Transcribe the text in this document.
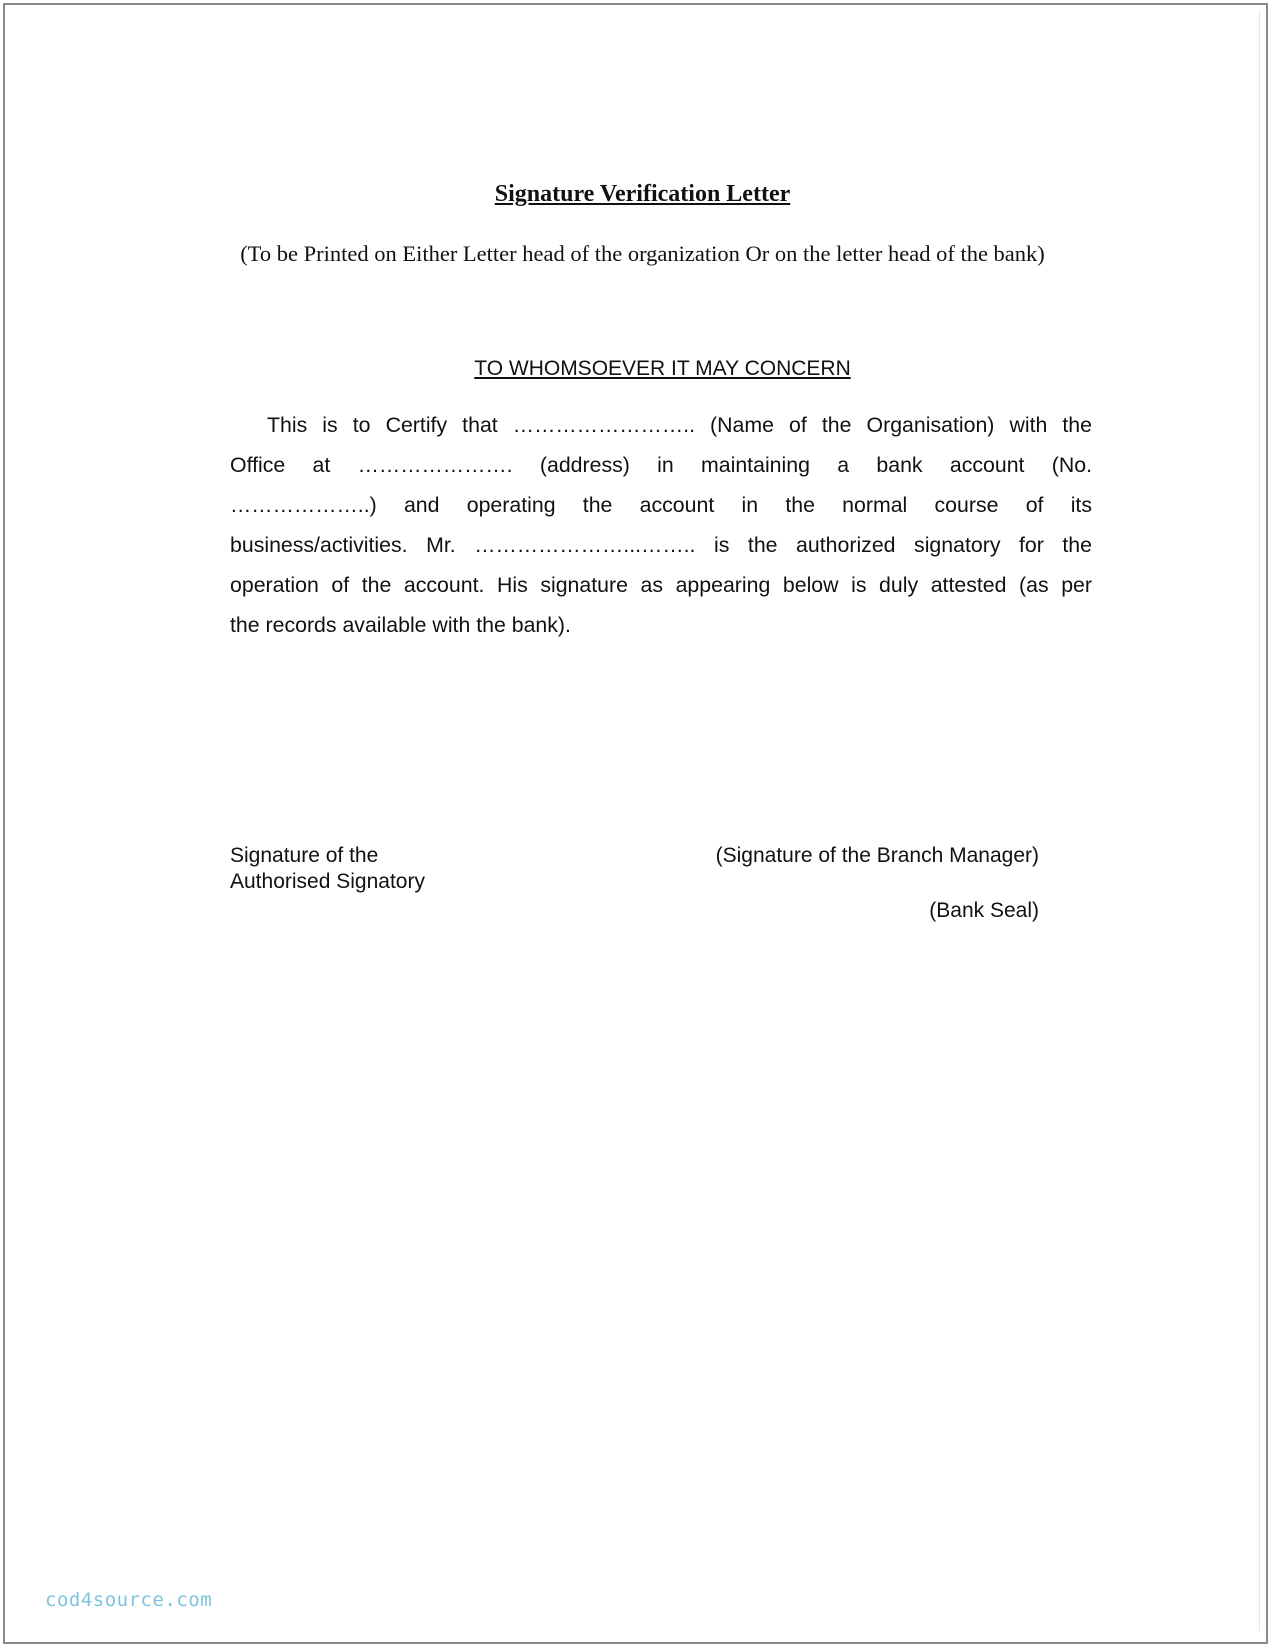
Signature Verification Letter

(To be Printed on Either Letter head of the organization Or on the letter head of the bank)

TO WHOMSOEVER IT MAY CONCERN

This is to Certify that …………………….. (Name of the Organisation) with the
Office at …………………. (address) in maintaining a bank account (No.
………………..) and operating the account in the normal course of its
business/activities. Mr. …………………...…….. is the authorized signatory for the
operation of the account. His signature as appearing below is duly attested (as per
the records available with the bank).
Signature of the
Authorised Signatory
(Signature of the Branch Manager)
(Bank Seal)
cod4source.com
